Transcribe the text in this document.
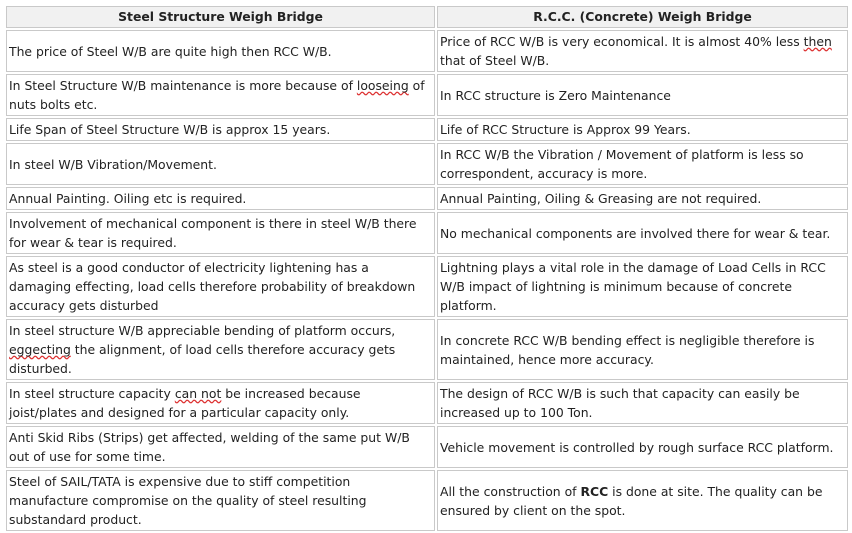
Steel Structure Weigh Bridge	R.C.C. (Concrete) Weigh Bridge
The price of Steel W/B are quite high then RCC W/B.	Price of RCC W/B is very economical. It is almost 40% less then that of Steel W/B.
In Steel Structure W/B maintenance is more because of looseing of nuts bolts etc.	In RCC structure is Zero Maintenance
Life Span of Steel Structure W/B is approx 15 years.	Life of RCC Structure is Approx 99 Years.
In steel W/B Vibration/Movement.	In RCC W/B the Vibration / Movement of platform is less so correspondent, accuracy is more.
Annual Painting. Oiling etc is required.	Annual Painting, Oiling & Greasing are not required.
Involvement of mechanical component is there in steel W/B there for wear & tear is required.	No mechanical components are involved there for wear & tear.
As steel is a good conductor of electricity lightening has a damaging effecting, load cells therefore probability of breakdown accuracy gets disturbed	Lightning plays a vital role in the damage of Load Cells in RCC W/B impact of lightning is minimum because of concrete platform.
In steel structure W/B appreciable bending of platform occurs, eggecting the alignment, of load cells therefore accuracy gets disturbed.	In concrete RCC W/B bending effect is negligible therefore is maintained, hence more accuracy.
In steel structure capacity can not be increased because joist/plates and designed for a particular capacity only.	The design of RCC W/B is such that capacity can easily be increased up to 100 Ton.
Anti Skid Ribs (Strips) get affected, welding of the same put W/B out of use for some time.	Vehicle movement is controlled by rough surface RCC platform.
Steel of SAIL/TATA is expensive due to stiff competition manufacture compromise on the quality of steel resulting substandard product.	All the construction of RCC is done at site. The quality can be ensured by client on the spot.
